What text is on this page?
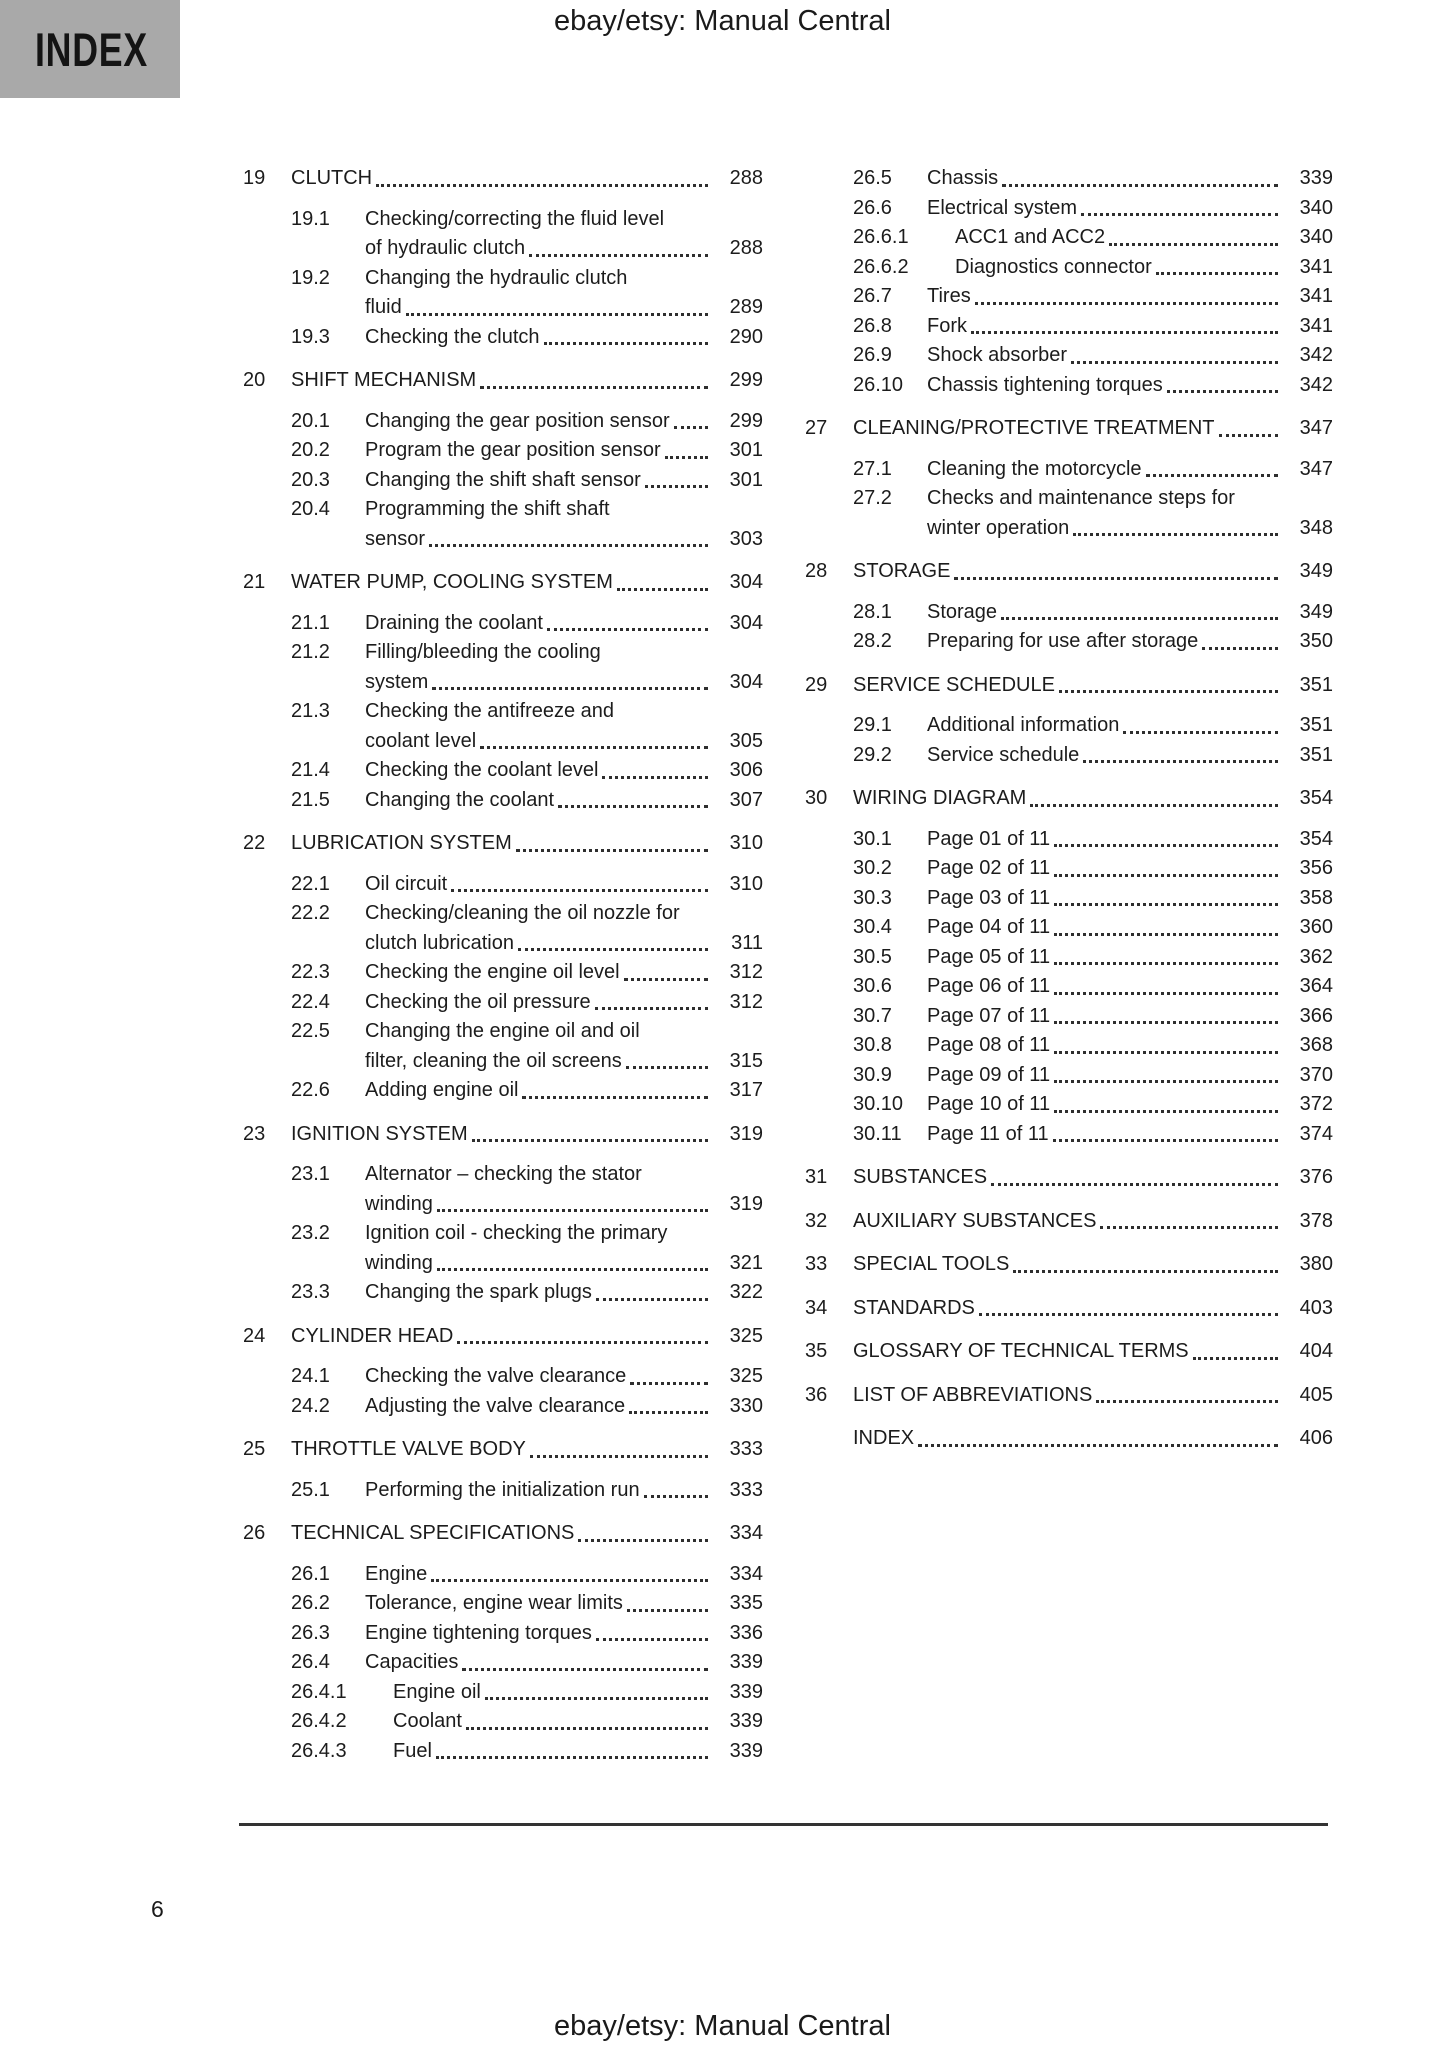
INDEX
ebay/etsy: Manual Central
19	CLUTCH	288
19.1	Checking/correcting the fluid level
of hydraulic clutch	288
19.2	Changing the hydraulic clutch
fluid	289
19.3	Checking the clutch	290
20	SHIFT MECHANISM	299
20.1	Changing the gear position sensor	299
20.2	Program the gear position sensor	301
20.3	Changing the shift shaft sensor	301
20.4	Programming the shift shaft
sensor	303
21	WATER PUMP, COOLING SYSTEM	304
21.1	Draining the coolant	304
21.2	Filling/bleeding the cooling
system	304
21.3	Checking the antifreeze and
coolant level	305
21.4	Checking the coolant level	306
21.5	Changing the coolant	307
22	LUBRICATION SYSTEM	310
22.1	Oil circuit	310
22.2	Checking/cleaning the oil nozzle for
clutch lubrication	311
22.3	Checking the engine oil level	312
22.4	Checking the oil pressure	312
22.5	Changing the engine oil and oil
filter, cleaning the oil screens	315
22.6	Adding engine oil	317
23	IGNITION SYSTEM	319
23.1	Alternator – checking the stator
winding	319
23.2	Ignition coil - checking the primary
winding	321
23.3	Changing the spark plugs	322
24	CYLINDER HEAD	325
24.1	Checking the valve clearance	325
24.2	Adjusting the valve clearance	330
25	THROTTLE VALVE BODY	333
25.1	Performing the initialization run	333
26	TECHNICAL SPECIFICATIONS	334
26.1	Engine	334
26.2	Tolerance, engine wear limits	335
26.3	Engine tightening torques	336
26.4	Capacities	339
26.4.1	Engine oil	339
26.4.2	Coolant	339
26.4.3	Fuel	339
26.5	Chassis	339
26.6	Electrical system	340
26.6.1	ACC1 and ACC2	340
26.6.2	Diagnostics connector	341
26.7	Tires	341
26.8	Fork	341
26.9	Shock absorber	342
26.10	Chassis tightening torques	342
27	CLEANING/PROTECTIVE TREATMENT	347
27.1	Cleaning the motorcycle	347
27.2	Checks and maintenance steps for
winter operation	348
28	STORAGE	349
28.1	Storage	349
28.2	Preparing for use after storage	350
29	SERVICE SCHEDULE	351
29.1	Additional information	351
29.2	Service schedule	351
30	WIRING DIAGRAM	354
30.1	Page 01 of 11	354
30.2	Page 02 of 11	356
30.3	Page 03 of 11	358
30.4	Page 04 of 11	360
30.5	Page 05 of 11	362
30.6	Page 06 of 11	364
30.7	Page 07 of 11	366
30.8	Page 08 of 11	368
30.9	Page 09 of 11	370
30.10	Page 10 of 11	372
30.11	Page 11 of 11	374
31	SUBSTANCES	376
32	AUXILIARY SUBSTANCES	378
33	SPECIAL TOOLS	380
34	STANDARDS	403
35	GLOSSARY OF TECHNICAL TERMS	404
36	LIST OF ABBREVIATIONS	405
INDEX	406
6
ebay/etsy: Manual Central
